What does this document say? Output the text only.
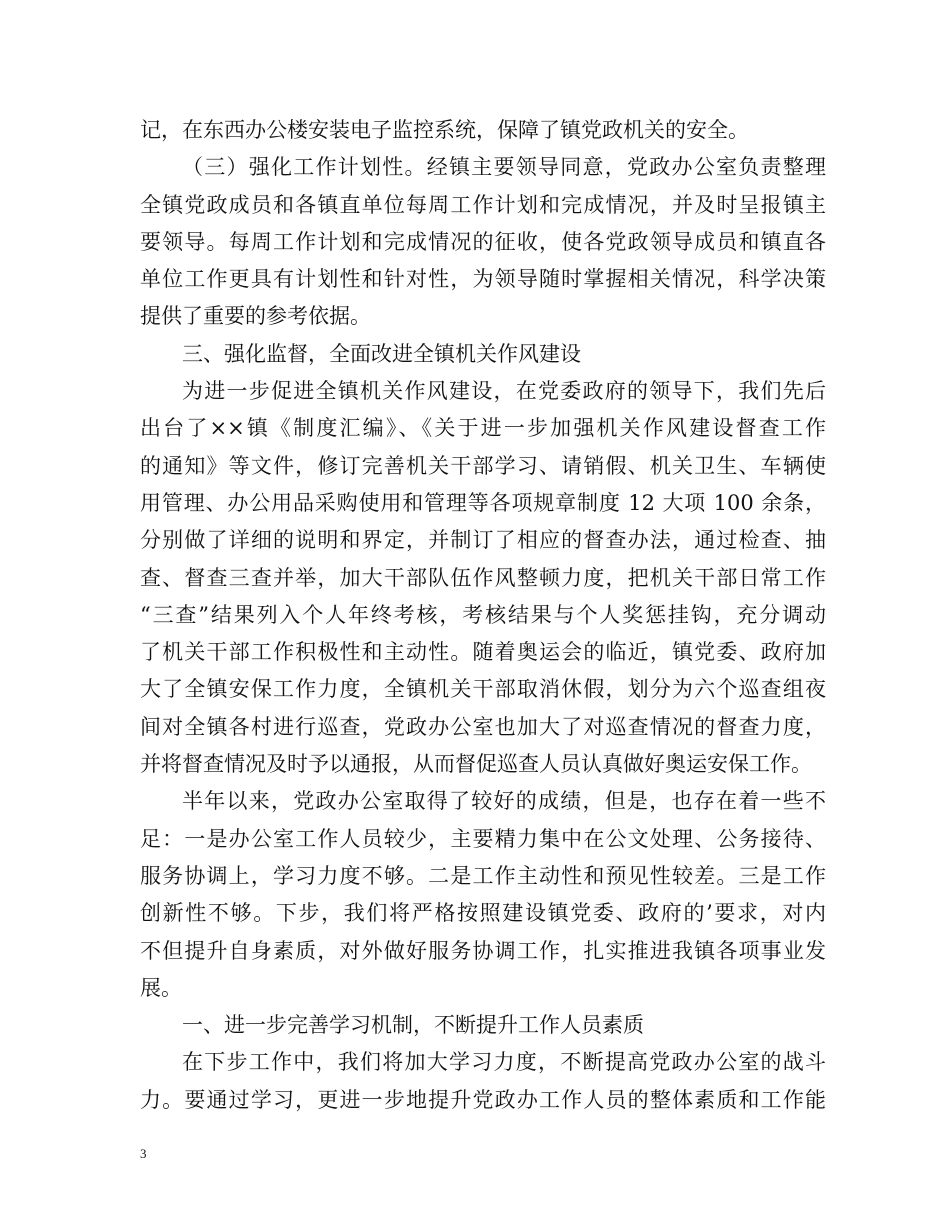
记，在东西办公楼安装电子监控系统，保障了镇党政机关的安全。
（三）强化工作计划性。经镇主要领导同意，党政办公室负责整理
全镇党政成员和各镇直单位每周工作计划和完成情况，并及时呈报镇主
要领导。每周工作计划和完成情况的征收，使各党政领导成员和镇直各
单位工作更具有计划性和针对性，为领导随时掌握相关情况，科学决策
提供了重要的参考依据。
三、强化监督，全面改进全镇机关作风建设
为进一步促进全镇机关作风建设，在党委政府的领导下，我们先后
出台了××镇《制度汇编》、《关于进一步加强机关作风建设督查工作
的通知》等文件，修订完善机关干部学习、请销假、机关卫生、车辆使
用管理、办公用品采购使用和管理等各项规章制度 12 大项 100 余条，
分别做了详细的说明和界定，并制订了相应的督查办法，通过检查、抽
查、督查三查并举，加大干部队伍作风整顿力度，把机关干部日常工作
“三查”结果列入个人年终考核，考核结果与个人奖惩挂钩，充分调动
了机关干部工作积极性和主动性。随着奥运会的临近，镇党委、政府加
大了全镇安保工作力度，全镇机关干部取消休假，划分为六个巡查组夜
间对全镇各村进行巡查，党政办公室也加大了对巡查情况的督查力度，
并将督查情况及时予以通报，从而督促巡查人员认真做好奥运安保工作。
半年以来，党政办公室取得了较好的成绩，但是，也存在着一些不
足：一是办公室工作人员较少，主要精力集中在公文处理、公务接待、
服务协调上，学习力度不够。二是工作主动性和预见性较差。三是工作
创新性不够。下步，我们将严格按照建设镇党委、政府的’要求，对内
不但提升自身素质，对外做好服务协调工作，扎实推进我镇各项事业发
展。
一、进一步完善学习机制，不断提升工作人员素质
在下步工作中，我们将加大学习力度，不断提高党政办公室的战斗
力。要通过学习，更进一步地提升党政办工作人员的整体素质和工作能
3
